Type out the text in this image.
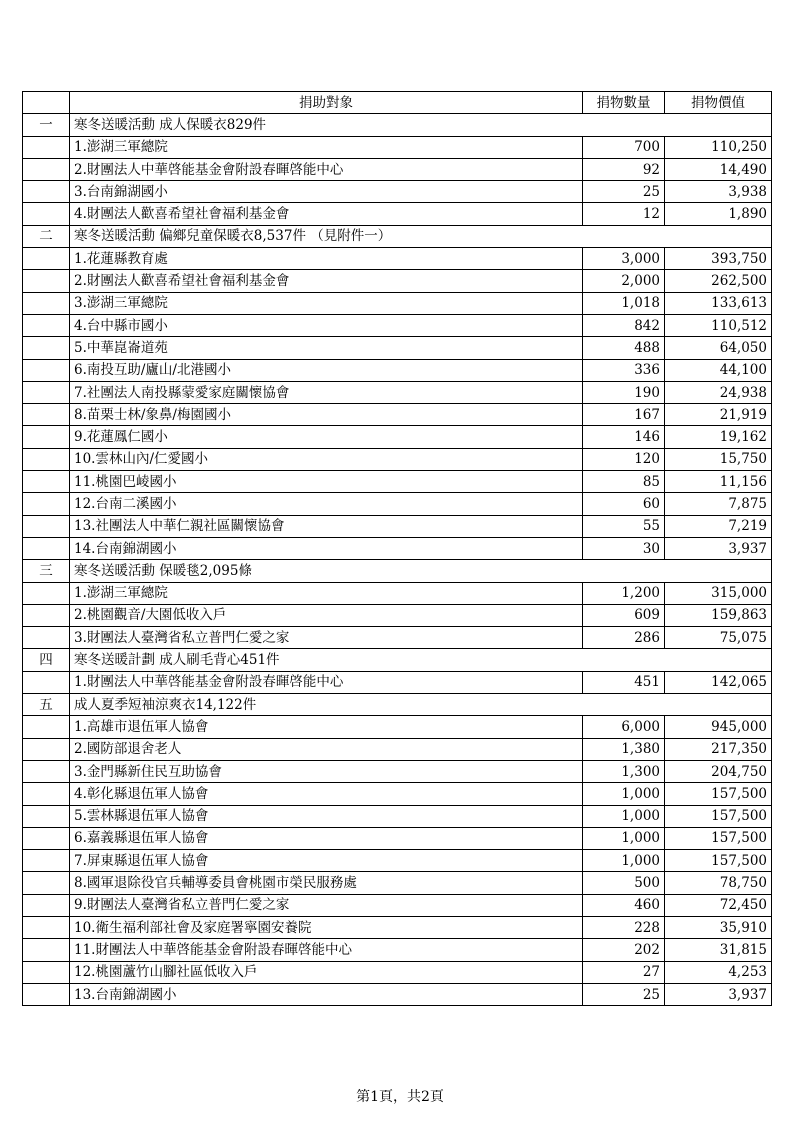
	捐助對象	捐物數量	捐物價值
一	寒冬送暖活動 成人保暖衣829件		
	1.澎湖三軍總院	700	110,250
	2.財團法人中華啓能基金會附設春暉啓能中心	92	14,490
	3.台南錦湖國小	25	3,938
	4.財團法人歡喜希望社會福利基金會	12	1,890
二	寒冬送暖活動 偏鄉兒童保暖衣8,537件 （見附件一）		
	1.花蓮縣教育處	3,000	393,750
	2.財團法人歡喜希望社會福利基金會	2,000	262,500
	3.澎湖三軍總院	1,018	133,613
	4.台中縣市國小	842	110,512
	5.中華崑崙道苑	488	64,050
	6.南投互助/廬山/北港國小	336	44,100
	7.社團法人南投縣蒙愛家庭關懷協會	190	24,938
	8.苗栗士林/象鼻/梅園國小	167	21,919
	9.花蓮鳳仁國小	146	19,162
	10.雲林山內/仁愛國小	120	15,750
	11.桃園巴崚國小	85	11,156
	12.台南二溪國小	60	7,875
	13.社團法人中華仁親社區關懷協會	55	7,219
	14.台南錦湖國小	30	3,937
三	寒冬送暖活動 保暖毯2,095條		
	1.澎湖三軍總院	1,200	315,000
	2.桃園觀音/大園低收入戶	609	159,863
	3.財團法人臺灣省私立普門仁愛之家	286	75,075
四	寒冬送暖計劃 成人刷毛背心451件		
	1.財團法人中華啓能基金會附設春暉啓能中心	451	142,065
五	成人夏季短袖涼爽衣14,122件		
	1.高雄市退伍軍人協會	6,000	945,000
	2.國防部退舍老人	1,380	217,350
	3.金門縣新住民互助協會	1,300	204,750
	4.彰化縣退伍軍人協會	1,000	157,500
	5.雲林縣退伍軍人協會	1,000	157,500
	6.嘉義縣退伍軍人協會	1,000	157,500
	7.屏東縣退伍軍人協會	1,000	157,500
	8.國軍退除役官兵輔導委員會桃園市榮民服務處	500	78,750
	9.財團法人臺灣省私立普門仁愛之家	460	72,450
	10.衛生福利部社會及家庭署寧園安養院	228	35,910
	11.財團法人中華啓能基金會附設春暉啓能中心	202	31,815
	12.桃園蘆竹山腳社區低收入戶	27	4,253
	13.台南錦湖國小	25	3,937
第1頁，共2頁
